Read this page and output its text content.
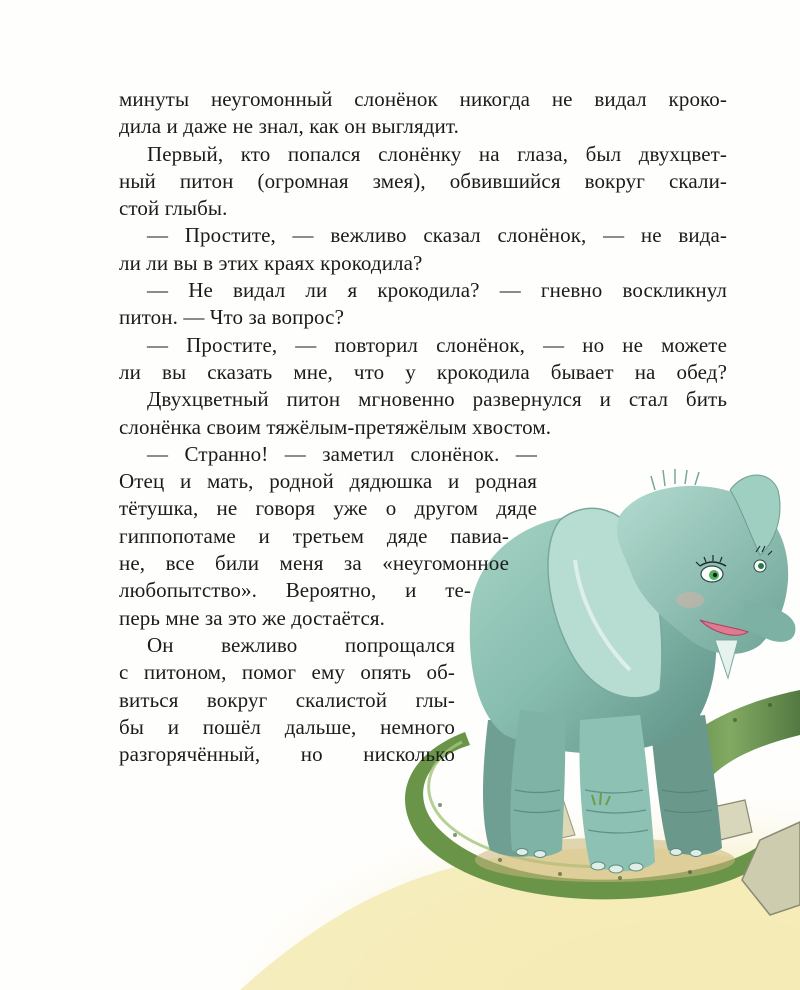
минуты неугомонный слонёнок никогда не видал кроко-
дила и даже не знал, как он выглядит.
Первый, кто попался слонёнку на глаза, был двухцвет-
ный питон (огромная змея), обвившийся вокруг скали-
стой глыбы.
— Простите, — вежливо сказал слонёнок, — не вида-
ли ли вы в этих краях крокодила?
— Не видал ли я крокодила? — гневно воскликнул
питон. — Что за вопрос?
— Простите, — повторил слонёнок, — но не можете
ли вы сказать мне, что у крокодила бывает на обед?
Двухцветный питон мгновенно развернулся и стал бить
слонёнка своим тяжёлым-претяжёлым хвостом.
— Странно! — заметил слонёнок. —
Отец и мать, родной дядюшка и родная
тётушка, не говоря уже о другом дяде
гиппопотаме и третьем дяде павиа-
не, все били меня за «неугомонное
любопытство». Вероятно, и те-
перь мне за это же достаётся.
Он вежливо попрощался
с питоном, помог ему опять об-
виться вокруг скалистой глы-
бы и пошёл дальше, немного
разгорячённый, но нисколько
